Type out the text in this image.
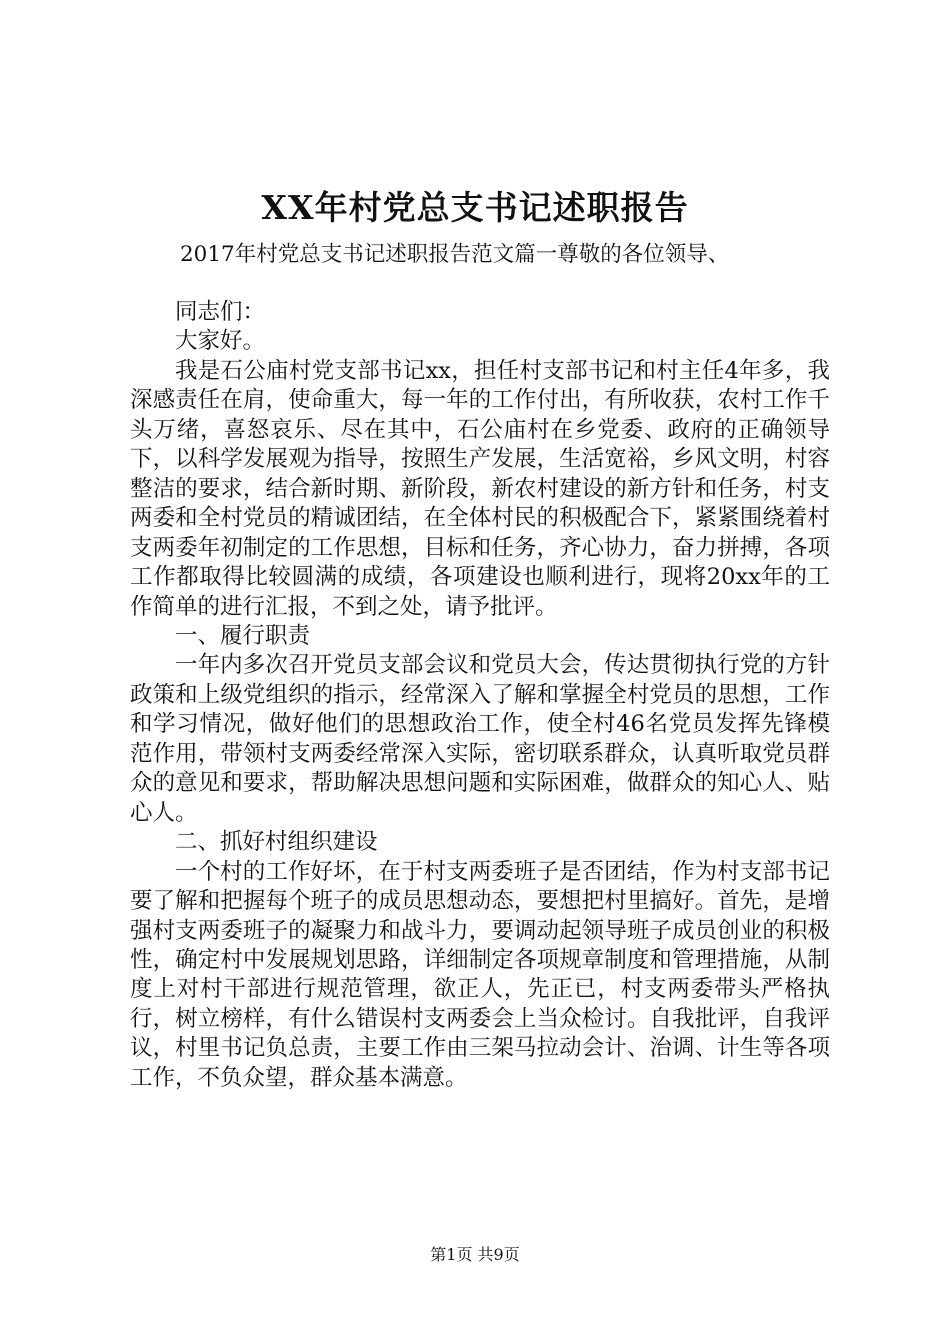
XX年村党总支书记述职报告
2017年村党总支书记述职报告范文篇一尊敬的各位领导、

同志们：

大家好。

我是石公庙村党支部书记xx，担任村支部书记和村主任4年多，我深感责任在肩，使命重大，每一年的工作付出，有所收获，农村工作千头万绪，喜怒哀乐、尽在其中，石公庙村在乡党委、政府的正确领导下，以科学发展观为指导，按照生产发展，生活宽裕，乡风文明，村容整洁的要求，结合新时期、新阶段，新农村建设的新方针和任务，村支两委和全村党员的精诚团结，在全体村民的积极配合下，紧紧围绕着村支两委年初制定的工作思想，目标和任务，齐心协力，奋力拼搏，各项工作都取得比较圆满的成绩，各项建设也顺利进行，现将20xx年的工作简单的进行汇报，不到之处，请予批评。

一、履行职责

一年内多次召开党员支部会议和党员大会，传达贯彻执行党的方针政策和上级党组织的指示，经常深入了解和掌握全村党员的思想，工作和学习情况，做好他们的思想政治工作，使全村46名党员发挥先锋模范作用，带领村支两委经常深入实际，密切联系群众，认真听取党员群众的意见和要求，帮助解决思想问题和实际困难，做群众的知心人、贴心人。

二、抓好村组织建设

一个村的工作好坏，在于村支两委班子是否团结，作为村支部书记要了解和把握每个班子的成员思想动态，要想把村里搞好。首先，是增强村支两委班子的凝聚力和战斗力，要调动起领导班子成员创业的积极性，确定村中发展规划思路，详细制定各项规章制度和管理措施，从制度上对村干部进行规范管理，欲正人，先正已，村支两委带头严格执行，树立榜样，有什么错误村支两委会上当众检讨。自我批评，自我评议，村里书记负总责，主要工作由三架马拉动会计、治调、计生等各项工作，不负众望，群众基本满意。

第1页 共9页
